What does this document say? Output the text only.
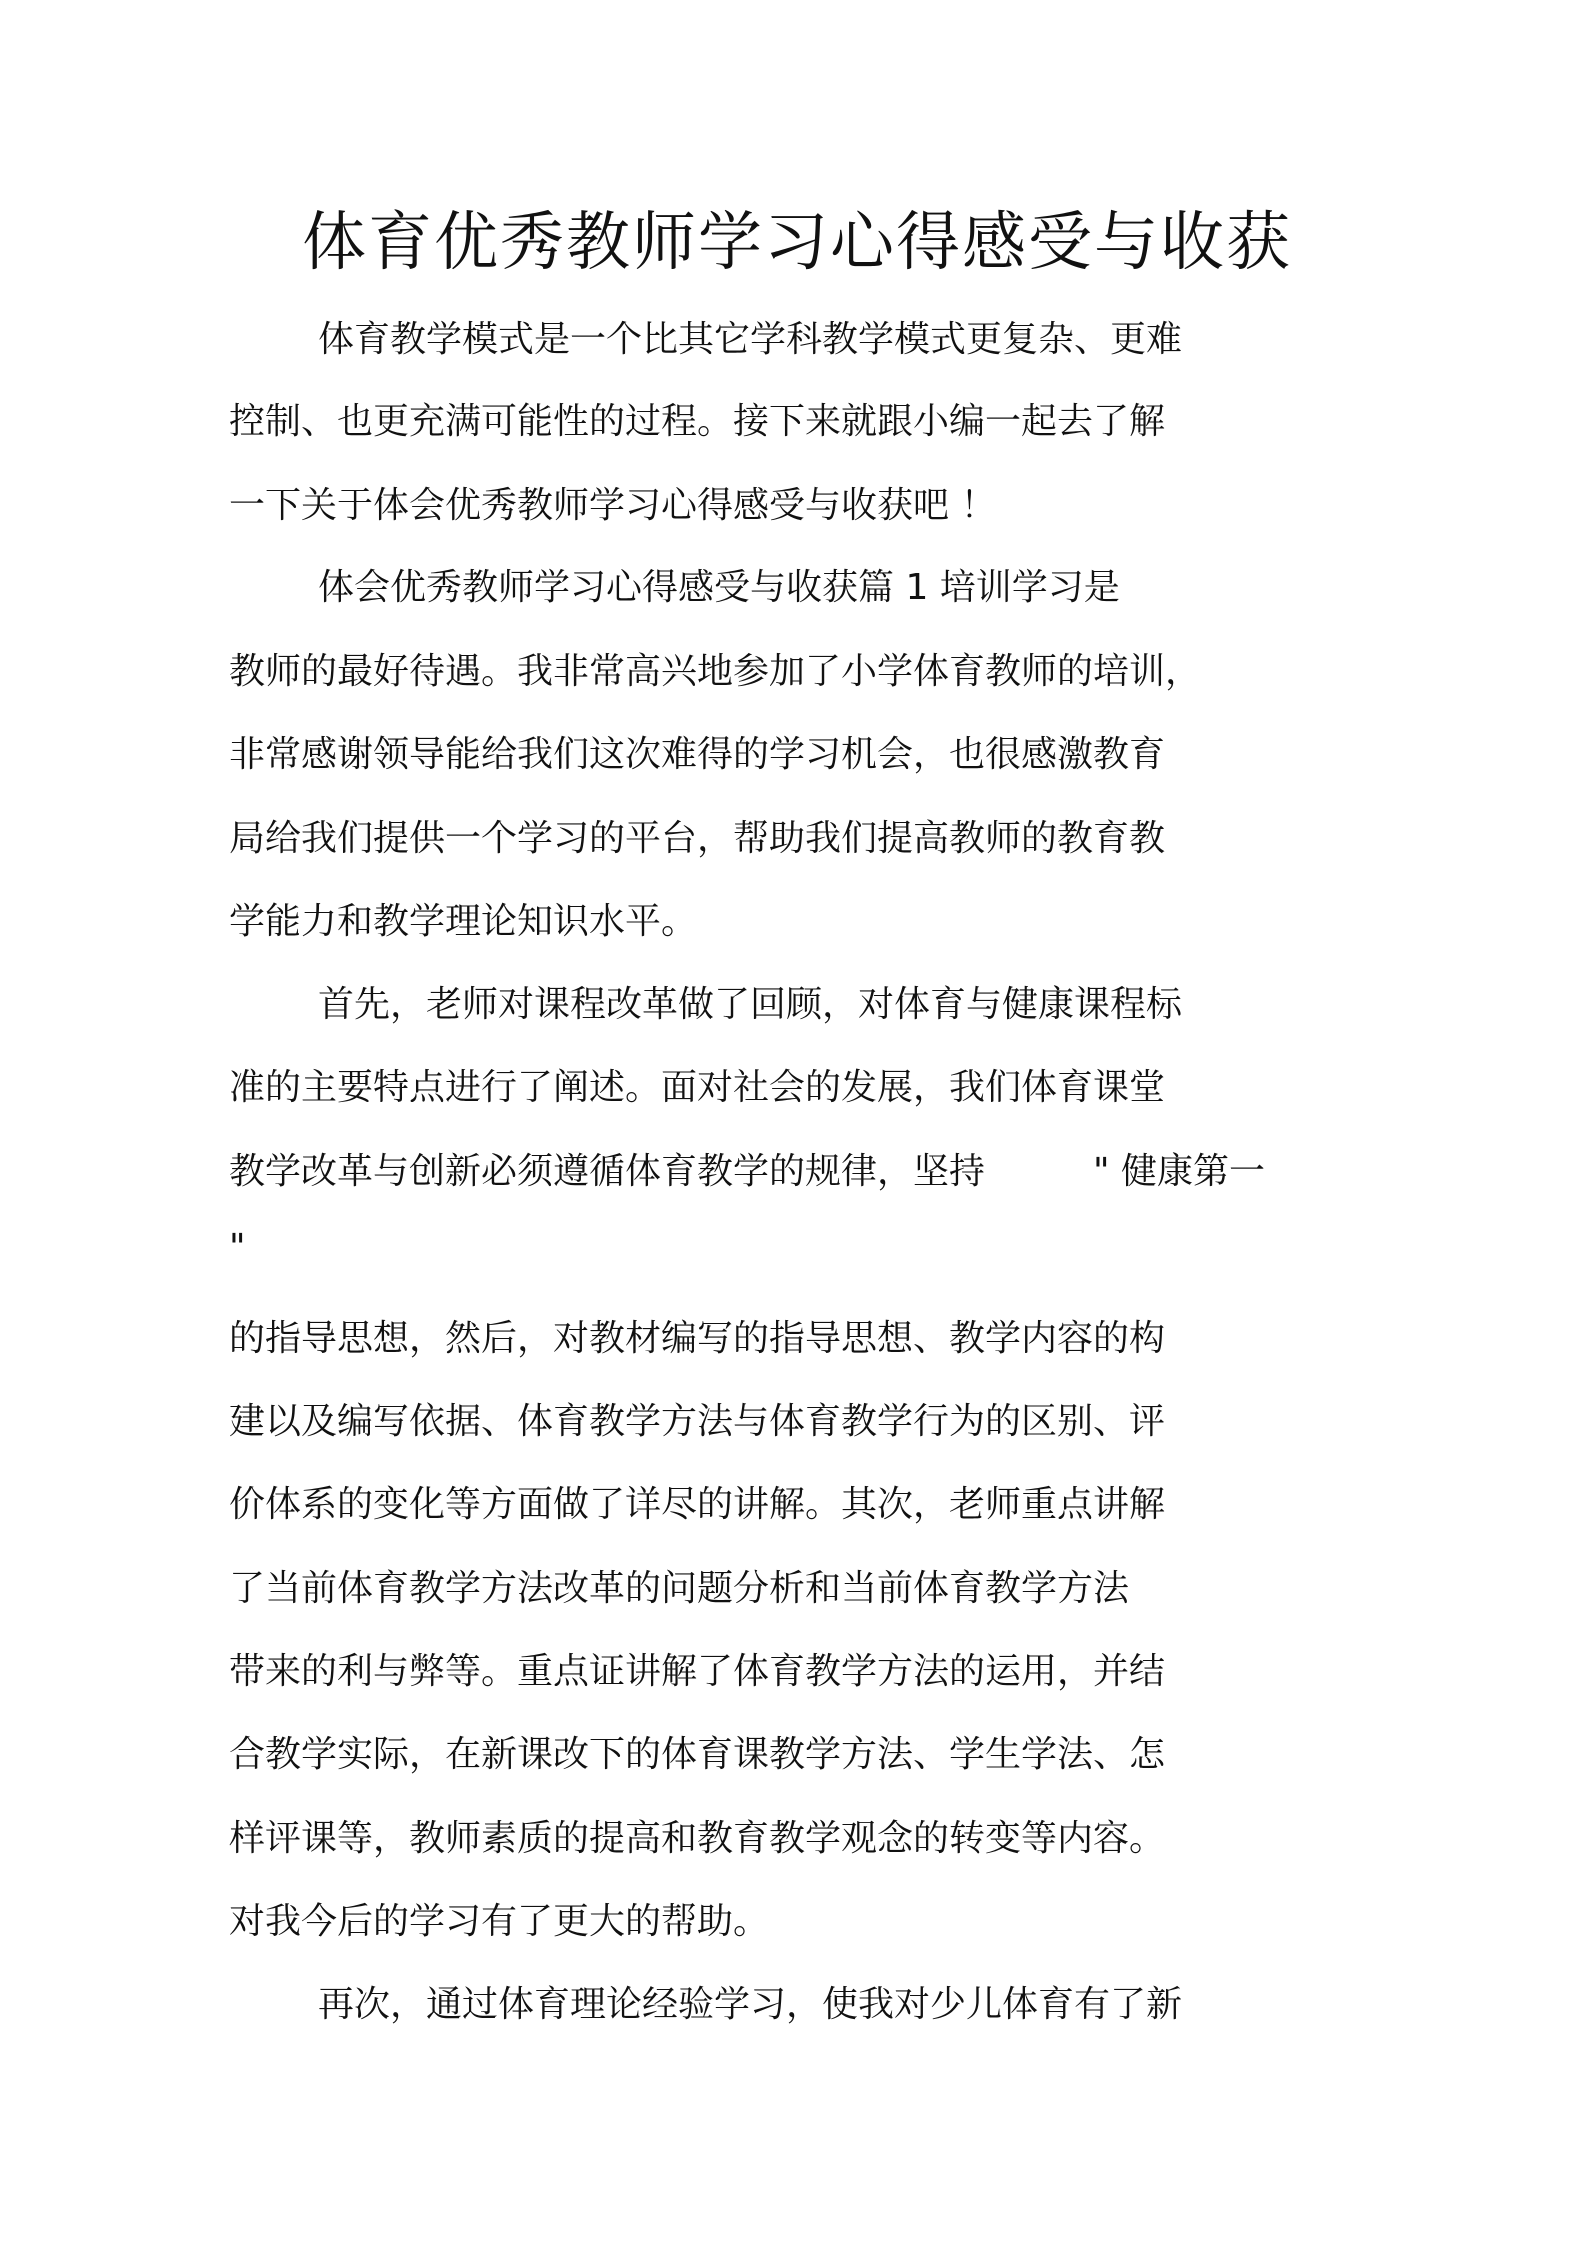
体育优秀教师学习心得感受与收获

体育教学模式是一个比其它学科教学模式更复杂、更难

控制、也更充满可能性的过程。接下来就跟小编一起去了解

一下关于体会优秀教师学习心得感受与收获吧 ！

体会优秀教师学习心得感受与收获篇 1 培训学习是

教师的最好待遇。我非常高兴地参加了小学体育教师的培训，

非常感谢领导能给我们这次难得的学习机会，也很感激教育

局给我们提供一个学习的平台，帮助我们提高教师的教育教

学能力和教学理论知识水平。

首先，老师对课程改革做了回顾，对体育与健康课程标

准的主要特点进行了阐述。面对社会的发展，我们体育课堂

教学改革与创新必须遵循体育教学的规律，坚持	" 健康第一

"

的指导思想，然后，对教材编写的指导思想、教学内容的构

建以及编写依据、体育教学方法与体育教学行为的区别、评

价体系的变化等方面做了详尽的讲解。其次，老师重点讲解

了当前体育教学方法改革的问题分析和当前体育教学方法

带来的利与弊等。重点证讲解了体育教学方法的运用，并结

合教学实际，在新课改下的体育课教学方法、学生学法、怎

样评课等，教师素质的提高和教育教学观念的转变等内容。

对我今后的学习有了更大的帮助。

再次，通过体育理论经验学习，使我对少儿体育有了新
